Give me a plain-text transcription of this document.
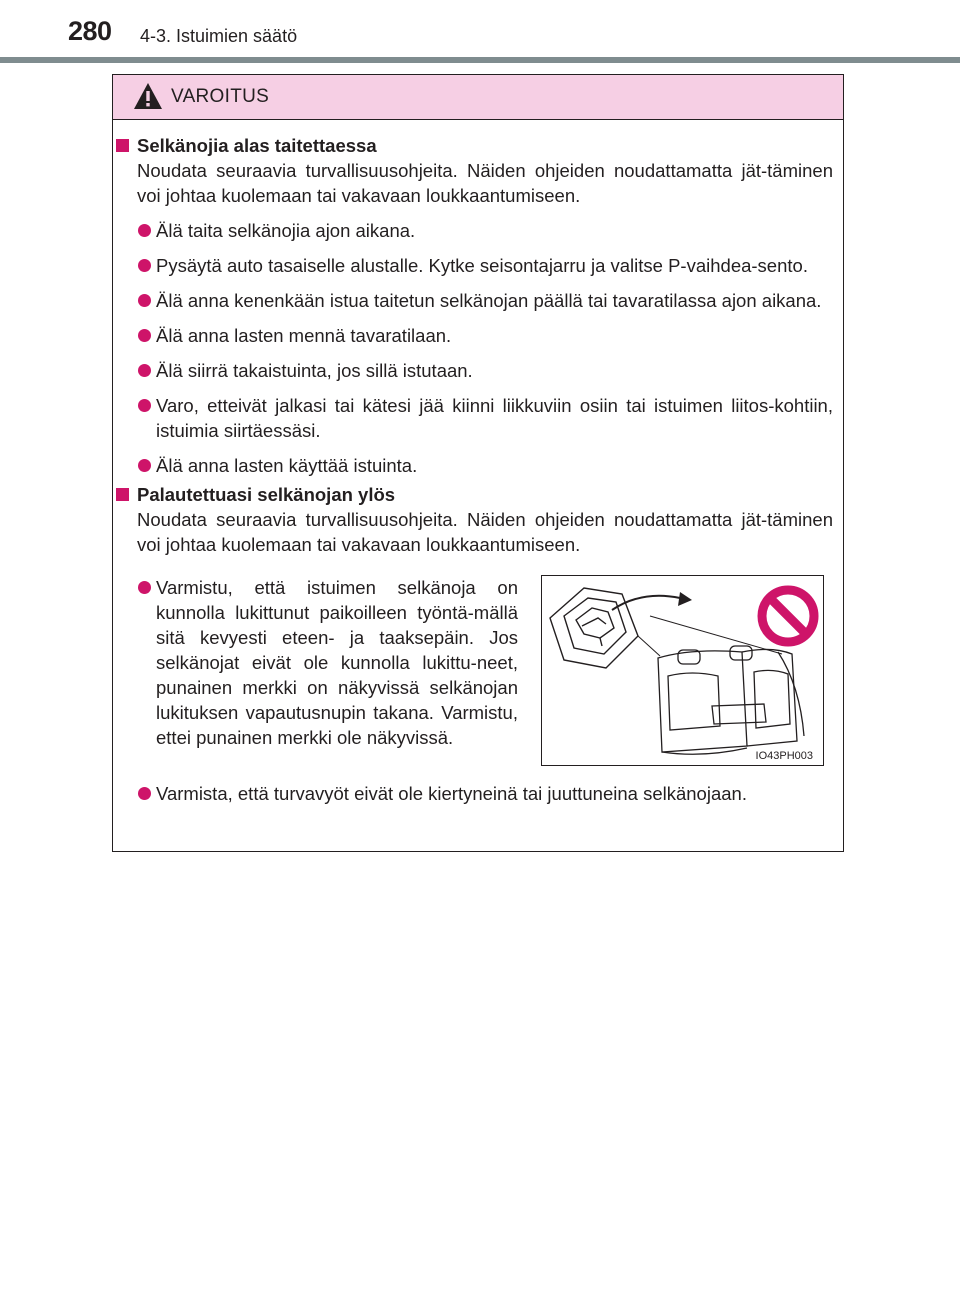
280 4-3. Istuimien säätö
VAROITUS
Selkänojia alas taitettaessa
Noudata seuraavia turvallisuusohjeita. Näiden ohjeiden noudattamatta jät-täminen voi johtaa kuolemaan tai vakavaan loukkaantumiseen.
Älä taita selkänojia ajon aikana.
Pysäytä auto tasaiselle alustalle. Kytke seisontajarru ja valitse P-vaihdea-sento.
Älä anna kenenkään istua taitetun selkänojan päällä tai tavaratilassa ajon aikana.
Älä anna lasten mennä tavaratilaan.
Älä siirrä takaistuinta, jos sillä istutaan.
Varo, etteivät jalkasi tai kätesi jää kiinni liikkuviin osiin tai istuimen liitos-kohtiin, istuimia siirtäessäsi.
Älä anna lasten käyttää istuinta.
Palautettuasi selkänojan ylös
Noudata seuraavia turvallisuusohjeita. Näiden ohjeiden noudattamatta jät-täminen voi johtaa kuolemaan tai vakavaan loukkaantumiseen.
Varmistu, että istuimen selkänoja on kunnolla lukittunut paikoilleen työntä-mällä sitä kevyesti eteen- ja taaksepäin. Jos selkänojat eivät ole kunnolla lukittu-neet, punainen merkki on näkyvissä selkänojan lukituksen vapautusnupin takana. Varmistu, ettei punainen merkki ole näkyvissä.
IO43PH003
Varmista, että turvavyöt eivät ole kiertyneinä tai juuttuneina selkänojaan.
